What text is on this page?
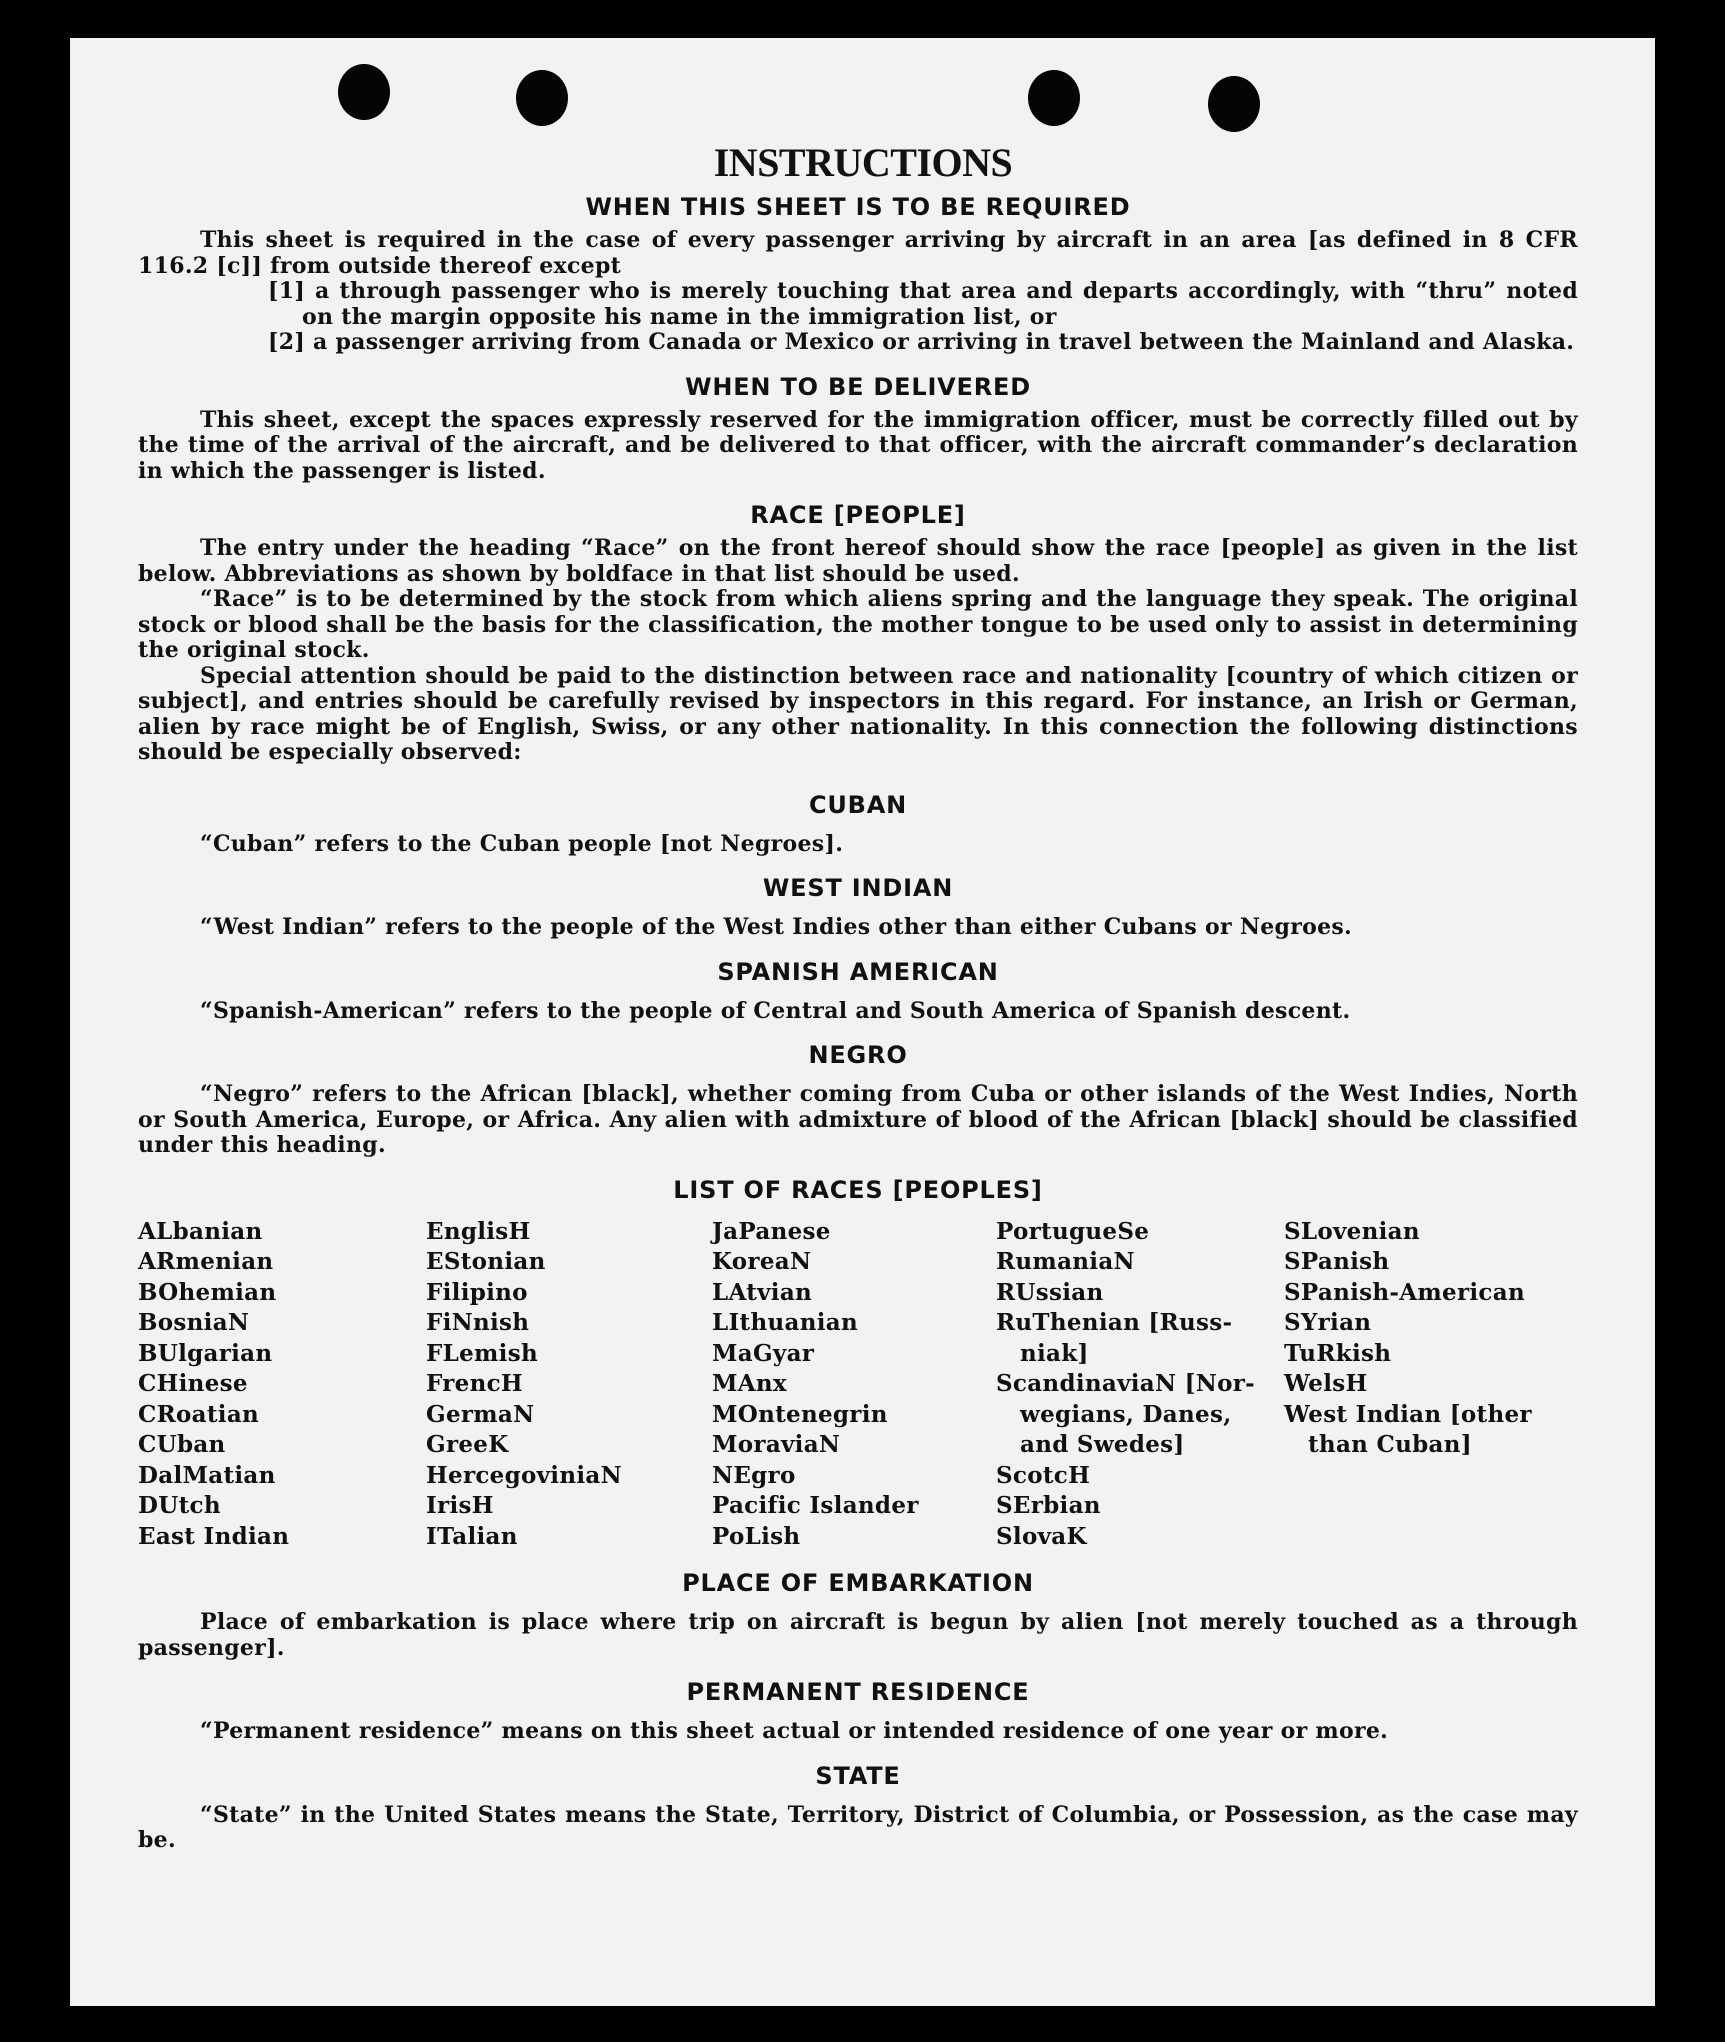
INSTRUCTIONS
WHEN THIS SHEET IS TO BE REQUIRED

This sheet is required in the case of every passenger arriving by aircraft in an area [as defined in 8 CFR 116.2 [c]] from outside thereof except

[1] a through passenger who is merely touching that area and departs accordingly, with “thru” noted on the margin opposite his name in the immigration list, or

[2] a passenger arriving from Canada or Mexico or arriving in travel between the Mainland and Alaska.

WHEN TO BE DELIVERED

This sheet, except the spaces expressly reserved for the immigration officer, must be correctly filled out by the time of the arrival of the aircraft, and be delivered to that officer, with the aircraft commander’s declaration in which the passenger is listed.

RACE [PEOPLE]

The entry under the heading “Race” on the front hereof should show the race [people] as given in the list below. Abbreviations as shown by boldface in that list should be used.

“Race” is to be determined by the stock from which aliens spring and the language they speak. The original stock or blood shall be the basis for the classification, the mother tongue to be used only to assist in determining the original stock.

Special attention should be paid to the distinction between race and nationality [country of which citizen or subject], and entries should be carefully revised by inspectors in this regard. For instance, an Irish or German, alien by race might be of English, Swiss, or any other nationality. In this connection the following distinctions should be especially observed:

CUBAN

“Cuban” refers to the Cuban people [not Negroes].

WEST INDIAN

“West Indian” refers to the people of the West Indies other than either Cubans or Negroes.

SPANISH AMERICAN

“Spanish-American” refers to the people of Central and South America of Spanish descent.

NEGRO

“Negro” refers to the African [black], whether coming from Cuba or other islands of the West Indies, North or South America, Europe, or Africa. Any alien with admixture of blood of the African [black] should be classified under this heading.

LIST OF RACES [PEOPLES]
ALbanian
ARmenian
BOhemian
BosniaN
BUlgarian
CHinese
CRoatian
CUban
DalMatian
DUtch
East Indian
EnglisH
EStonian
Filipino
FiNnish
FLemish
FrencH
GermaN
GreeK
HercegoviniaN
IrisH
ITalian
JaPanese
KoreaN
LAtvian
LIthuanian
MaGyar
MAnx
MOntenegrin
MoraviaN
NEgro
Pacific Islander
PoLish
PortugueSe
RumaniaN
RUssian
RuThenian [Russ-
niak]
ScandinaviaN [Nor-
wegians, Danes,
and Swedes]
ScotcH
SErbian
SlovaK
SLovenian
SPanish
SPanish-American
SYrian
TuRkish
WelsH
West Indian [other
than Cuban]
PLACE OF EMBARKATION

Place of embarkation is place where trip on aircraft is begun by alien [not merely touched as a through passenger].

PERMANENT RESIDENCE

“Permanent residence” means on this sheet actual or intended residence of one year or more.

STATE

“State” in the United States means the State, Territory, District of Columbia, or Possession, as the case may be.
